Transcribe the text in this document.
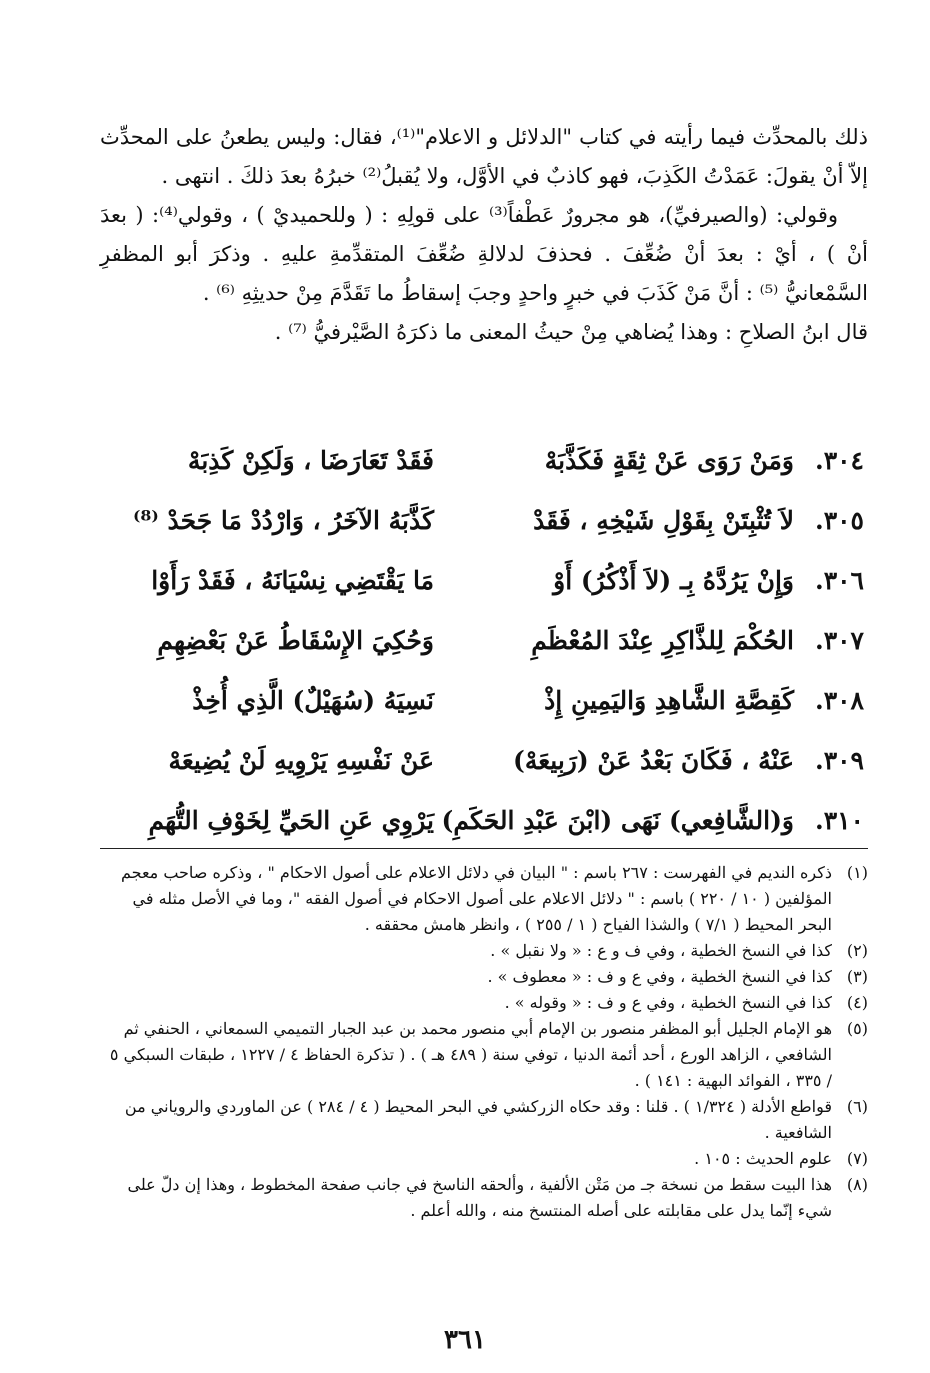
ذلك بالمحدِّث فيما رأيته في كتاب "الدلائل و الاعلام"⁽¹⁾، فقال: وليس يطعنُ على المحدِّث إلاّ أنْ يقولَ: عَمَدْتُ الكَذِبَ، فهو كاذبٌ في الأوَّل، ولا يُقبلُ⁽²⁾ خبرُهُ بعدَ ذلكَ . انتهى .

وقولي: (والصيرفيِّ)، هو مجرورٌ عَطْفاً⁽³⁾ على قولِهِ : ( وللحميديْ ) ، وقولي⁽⁴⁾: ( بعدَ أنْ ) ، أيْ : بعدَ أنْ ضُعِّفَ . فحذفَ لدلالةِ ضُعِّفَ المتقدِّمةِ عليهِ . وذكرَ أبو المظفرِ السَّمْعانيُّ ⁽⁵⁾ : أنَّ مَنْ كَذَبَ في خبرٍ واحدٍ وجبَ إسقاطُ ما تَقَدَّمَ مِنْ حديثِهِ ⁽⁶⁾ .

قال ابنُ الصلاحِ : وهذا يُضاهي مِنْ حيثُ المعنى ما ذكرَهُ الصَّيْرفيُّ ⁽⁷⁾ .

٣٠٤.
وَمَنْ رَوَى عَنْ ثِقَةٍ فَكَذَّبَهْ
فَقَدْ تَعَارَضَا ، وَلَكِنْ كَذِبَهْ
٣٠٥.
لاَ تُثْبِتَنْ بِقَوْلِ شَيْخِهِ ، فَقَدْ
كَذَّبَهُ الآخَرُ ، وَارْدُدْ مَا جَحَدْ ⁽⁸⁾
٣٠٦.
وَإِنْ يَرُدَّهُ بِـ (لاَ أَذْكُرُ) أَوْ
مَا يَقْتَضِي نِسْيَانَهُ ، فَقَدْ رَأَوْا
٣٠٧.
الحُكْمَ لِلذَّاكِرِ عِنْدَ المُعْظَمِ
وَحُكِيَ الإِسْقَاطُ عَنْ بَعْضِهِمِ
٣٠٨.
كَقِصَّةِ الشَّاهِدِ وَاليَمِينِ إِذْ
نَسِيَهُ (سُهَيْلٌ) الَّذِي أُخِذْ
٣٠٩.
عَنْهُ ، فَكَانَ بَعْدُ عَنْ (رَبِيعَهْ)
عَنْ نَفْسِهِ يَرْوِيهِ لَنْ يُضِيعَهْ
٣١٠.
وَ(الشَّافِعي) نَهَى (ابْنَ عَبْدِ الحَكَمِ)
يَرْوِي عَنِ الحَيِّ لِخَوْفِ التُّهَمِ
(١)
ذكره النديم في الفهرست : ٢٦٧ باسم : " البيان في دلائل الاعلام على أصول الاحكام " ، وذكره صاحب معجم المؤلفين ( ١٠ / ٢٢٠ ) باسم : " دلائل الاعلام على أصول الاحكام في أصول الفقه "، وما في الأصل مثله في البحر المحيط ( ٧/١ ) والشذا الفياح ( ١ / ٢٥٥ ) ، وانظر هامش محققه .
(٢)
كذا في النسخ الخطية ، وفي ف و ع : « ولا نقبل » .
(٣)
كذا في النسخ الخطية ، وفي ع و ف : « معطوف » .
(٤)
كذا في النسخ الخطية ، وفي ع و ف : « وقوله » .
(٥)
هو الإمام الجليل أبو المظفر منصور بن الإمام أبي منصور محمد بن عبد الجبار التميمي السمعاني ، الحنفي ثم الشافعي ، الزاهد الورع ، أحد أئمة الدنيا ، توفي سنة ( ٤٨٩ هـ ) . ( تذكرة الحفاظ ٤ / ١٢٢٧ ، طبقات السبكي ٥ / ٣٣٥ ، الفوائد البهية : ١٤١ ) .
(٦)
قواطع الأدلة ( ١/٣٢٤ ) . قلنا : وقد حكاه الزركشي في البحر المحيط ( ٤ / ٢٨٤ ) عن الماوردي والروياني من الشافعية .
(٧)
علوم الحديث : ١٠٥ .
(٨)
هذا البيت سقط من نسخة جـ من مَتْن الألفية ، وألحقه الناسخ في جانب صفحة المخطوط ، وهذا إن دلّ على شيء إنّما يدل على مقابلته على أصله المنتسخ منه ، والله أعلم .
٣٦١
